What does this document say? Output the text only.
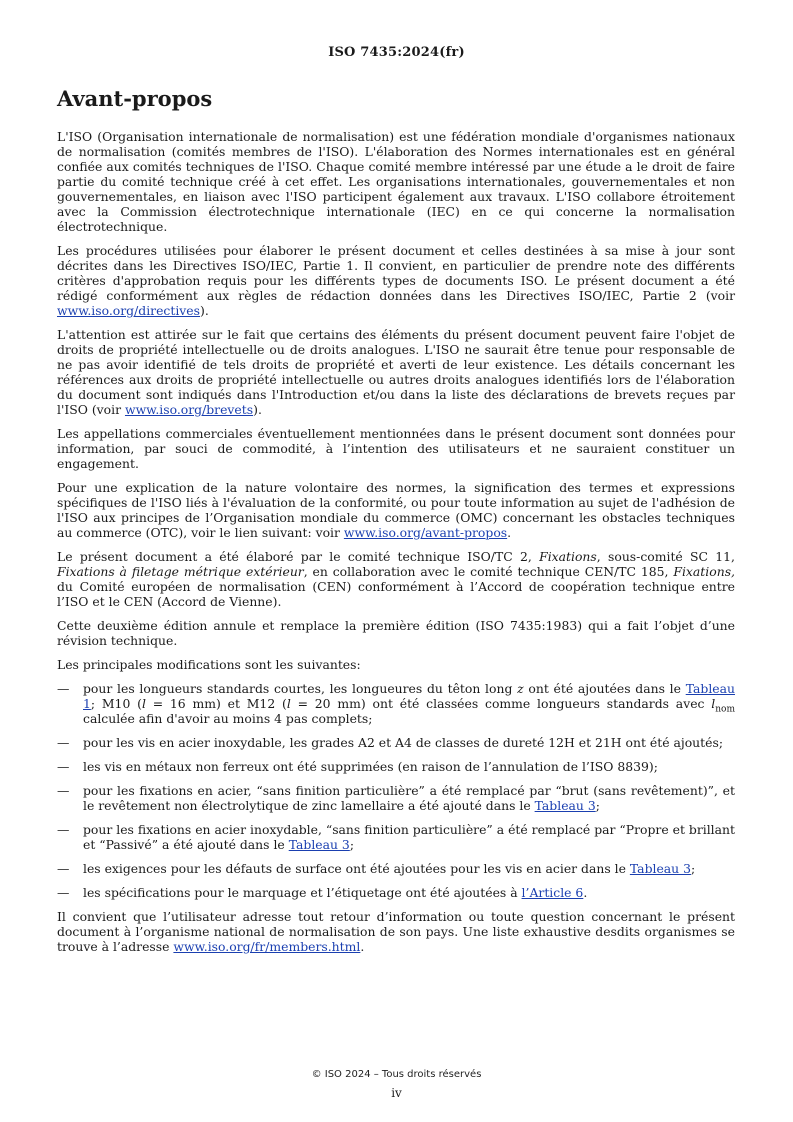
ISO 7435:2024(fr)
Avant-propos

L'ISO (Organisation internationale de normalisation) est une fédération mondiale d'organismes nationaux de normalisation (comités membres de l'ISO). L'élaboration des Normes internationales est en général confiée aux comités techniques de l'ISO. Chaque comité membre intéressé par une étude a le droit de faire partie du comité technique créé à cet effet. Les organisations internationales, gouvernementales et non gouvernementales, en liaison avec l'ISO participent également aux travaux. L'ISO collabore étroitement avec la Commission électrotechnique internationale (IEC) en ce qui concerne la normalisation électrotechnique.

Les procédures utilisées pour élaborer le présent document et celles destinées à sa mise à jour sont décrites dans les Directives ISO/IEC, Partie 1. Il convient, en particulier de prendre note des différents critères d'approbation requis pour les différents types de documents ISO. Le présent document a été rédigé conformément aux règles de rédaction données dans les Directives ISO/IEC, Partie 2 (voir www.iso.org/directives).

L'attention est attirée sur le fait que certains des éléments du présent document peuvent faire l'objet de droits de propriété intellectuelle ou de droits analogues. L'ISO ne saurait être tenue pour responsable de ne pas avoir identifié de tels droits de propriété et averti de leur existence. Les détails concernant les références aux droits de propriété intellectuelle ou autres droits analogues identifiés lors de l'élaboration du document sont indiqués dans l'Introduction et/ou dans la liste des déclarations de brevets reçues par l'ISO (voir www.iso.org/brevets).

Les appellations commerciales éventuellement mentionnées dans le présent document sont données pour information, par souci de commodité, à l’intention des utilisateurs et ne sauraient constituer un engagement.

Pour une explication de la nature volontaire des normes, la signification des termes et expressions spécifiques de l'ISO liés à l'évaluation de la conformité, ou pour toute information au sujet de l'adhésion de l'ISO aux principes de l’Organisation mondiale du commerce (OMC) concernant les obstacles techniques au commerce (OTC), voir le lien suivant: voir www.iso.org/avant-propos.

Le présent document a été élaboré par le comité technique ISO/TC 2, Fixations, sous-comité SC 11, Fixations à filetage métrique extérieur, en collaboration avec le comité technique CEN/TC 185, Fixations, du Comité européen de normalisation (CEN) conformément à l’Accord de coopération technique entre l’ISO et le CEN (Accord de Vienne).

Cette deuxième édition annule et remplace la première édition (ISO 7435:1983) qui a fait l’objet d’une révision technique.

Les principales modifications sont les suivantes:

— pour les longueurs standards courtes, les longueures du têton long z ont été ajoutées dans le Tableau 1; M10 (l = 16 mm) et M12 (l = 20 mm) ont été classées comme longueurs standards avec $l_{nom}$ calculée afin d'avoir au moins 4 pas complets;
— pour les vis en acier inoxydable, les grades A2 et A4 de classes de dureté 12H et 21H ont été ajoutés;
— les vis en métaux non ferreux ont été supprimées (en raison de l’annulation de l’ISO 8839);
— pour les fixations en acier, “sans finition particulière” a été remplacé par “brut (sans revêtement)”, et le revêtement non électrolytique de zinc lamellaire a été ajouté dans le Tableau 3;
— pour les fixations en acier inoxydable, “sans finition particulière” a été remplacé par “Propre et brillant et “Passivé” a été ajouté dans le Tableau 3;
— les exigences pour les défauts de surface ont été ajoutées pour les vis en acier dans le Tableau 3;
— les spécifications pour le marquage et l’étiquetage ont été ajoutées à l’Article 6.

Il convient que l’utilisateur adresse tout retour d’information ou toute question concernant le présent document à l’organisme national de normalisation de son pays. Une liste exhaustive desdits organismes se trouve à l’adresse www.iso.org/fr/members.html.

© ISO 2024 – Tous droits réservés
iv
